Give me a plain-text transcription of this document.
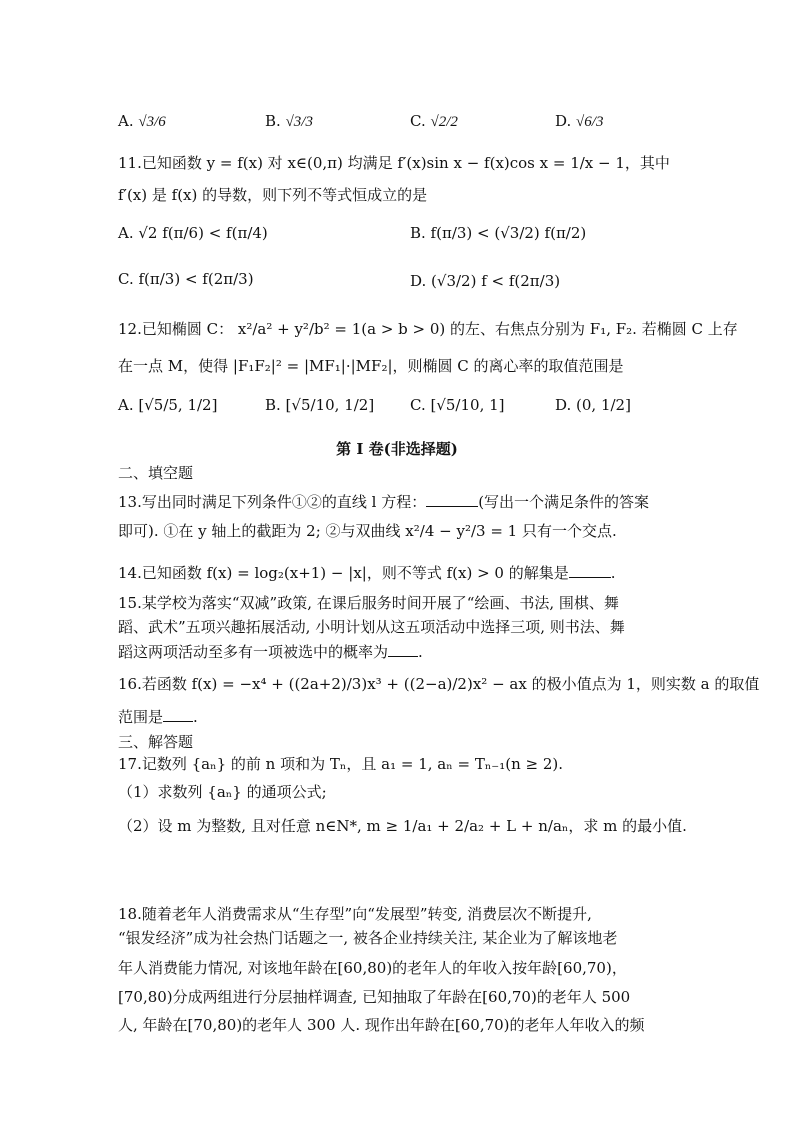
A. √3/6	B. √3/3	C. √2/2	D. √6/3
11.已知函数 y = f(x) 对 x∈(0,π) 均满足 f′(x)sin x − f(x)cos x = 1/x − 1，其中
f′(x) 是 f(x) 的导数，则下列不等式恒成立的是
A. √2 f(π/6) < f(π/4)	B. f(π/3) < (√3/2) f(π/2)
C. f(π/3) < f(2π/3)	D. (√3/2) f < f(2π/3)
12.已知椭圆 C： x²/a² + y²/b² = 1(a > b > 0) 的左、右焦点分别为 F₁, F₂. 若椭圆 C 上存
在一点 M，使得 |F₁F₂|² = |MF₁|·|MF₂|，则椭圆 C 的离心率的取值范围是
A. [√5/5, 1/2]	B. [√5/10, 1/2] C. [√5/10, 1]	D. (0, 1/2]
第 I 卷(非选择题)
二、填空题
13.写出同时满足下列条件①②的直线 l 方程：	(写出一个满足条件的答案
即可). ①在 y 轴上的截距为 2; ②与双曲线 x²/4 − y²/3 = 1 只有一个交点.
14.已知函数 f(x) = log₂(x+1) − |x|，则不等式 f(x) > 0 的解集是	.
15.某学校为落实“双减”政策, 在课后服务时间开展了“绘画、书法, 围棋、舞
蹈、武术”五项兴趣拓展活动, 小明计划从这五项活动中选择三项, 则书法、舞
蹈这两项活动至多有一项被选中的概率为 .
16.若函数 f(x) = −x⁴ + ((2a+2)/3)x³ + ((2−a)/2)x² − ax 的极小值点为 1，则实数 a 的取值
范围是 .
三、解答题
17.记数列 {aₙ} 的前 n 项和为 Tₙ，且 a₁ = 1, aₙ = Tₙ₋₁(n ≥ 2).
（1）求数列 {aₙ} 的通项公式;
（2）设 m 为整数, 且对任意 n∈N*, m ≥ 1/a₁ + 2/a₂ + L + n/aₙ，求 m 的最小值.
18.随着老年人消费需求从“生存型”向“发展型”转变, 消费层次不断提升,
“银发经济”成为社会热门话题之一, 被各企业持续关注, 某企业为了解该地老
年人消费能力情况, 对该地年龄在[60,80)的老年人的年收入按年龄[60,70)，
[70,80)分成两组进行分层抽样调查, 已知抽取了年龄在[60,70)的老年人 500
人, 年龄在[70,80)的老年人 300 人. 现作出年龄在[60,70)的老年人年收入的频
